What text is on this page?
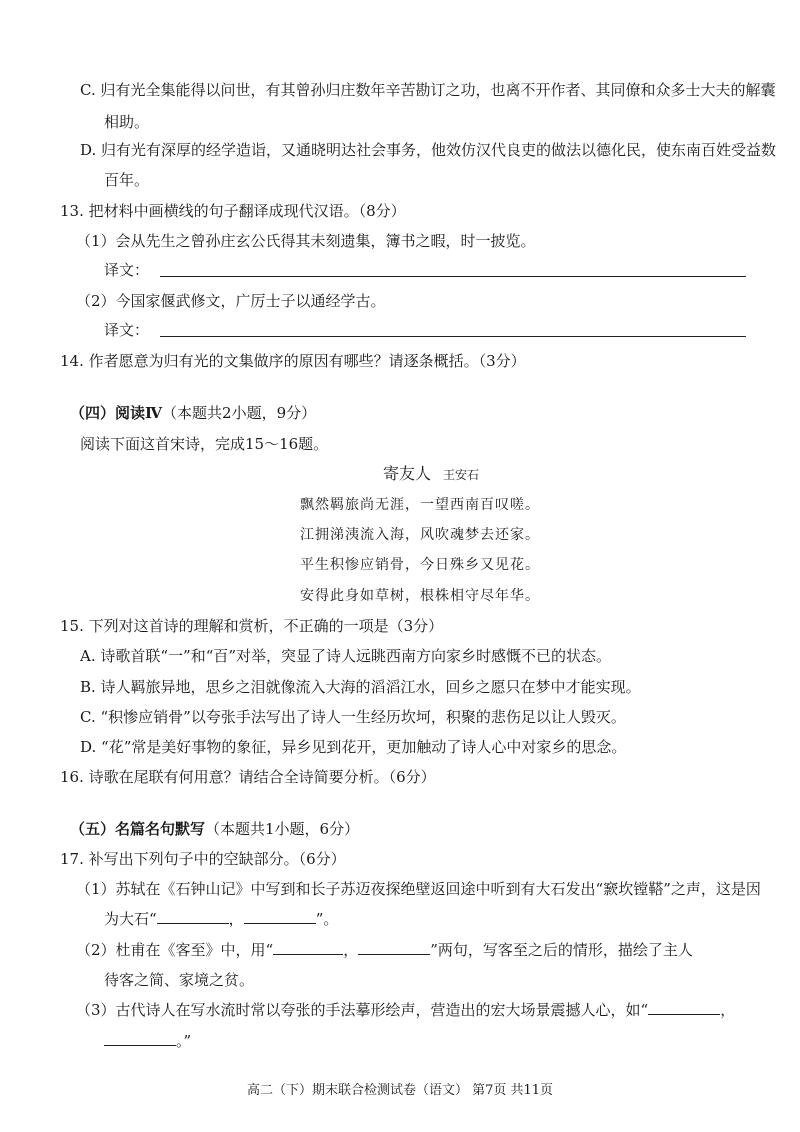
C. 归有光全集能得以问世，有其曾孙归庄数年辛苦勘订之功，也离不开作者、其同僚和众多士大夫的解囊
相助。
D. 归有光有深厚的经学造诣，又通晓明达社会事务，他效仿汉代良吏的做法以德化民，使东南百姓受益数
百年。
13. 把材料中画横线的句子翻译成现代汉语。（8分）
（1）会从先生之曾孙庄玄公氏得其未刻遗集，簿书之暇，时一披览。
译文：
（2）今国家偃武修文，广厉士子以通经学古。
译文：
14. 作者愿意为归有光的文集做序的原因有哪些？请逐条概括。（3分）
（四）阅读Ⅳ（本题共2小题，9分）
阅读下面这首宋诗，完成15～16题。
寄友人 王安石
飘然羁旅尚无涯，一望西南百叹嗟。
江拥涕洟流入海，风吹魂梦去还家。
平生积惨应销骨，今日殊乡又见花。
安得此身如草树，根株相守尽年华。
15. 下列对这首诗的理解和赏析，不正确的一项是（3分）
A. 诗歌首联“一”和“百”对举，突显了诗人远眺西南方向家乡时感慨不已的状态。
B. 诗人羁旅异地，思乡之泪就像流入大海的滔滔江水，回乡之愿只在梦中才能实现。
C. “积惨应销骨”以夸张手法写出了诗人一生经历坎坷，积聚的悲伤足以让人毁灭。
D. “花”常是美好事物的象征，异乡见到花开，更加触动了诗人心中对家乡的思念。
16. 诗歌在尾联有何用意？请结合全诗简要分析。（6分）
（五）名篇名句默写（本题共1小题，6分）
17. 补写出下列句子中的空缺部分。（6分）
（1）苏轼在《石钟山记》中写到和长子苏迈夜探绝壁返回途中听到有大石发出“窾坎镗鞳”之声，这是因
为大石“	，	”。
（2）杜甫在《客至》中，用“	，	”两句，写客至之后的情形，描绘了主人
待客之简、家境之贫。
（3）古代诗人在写水流时常以夸张的手法摹形绘声，营造出的宏大场景震撼人心，如“	，
。”
高二（下）期末联合检测试卷（语文） 第7页 共11页
